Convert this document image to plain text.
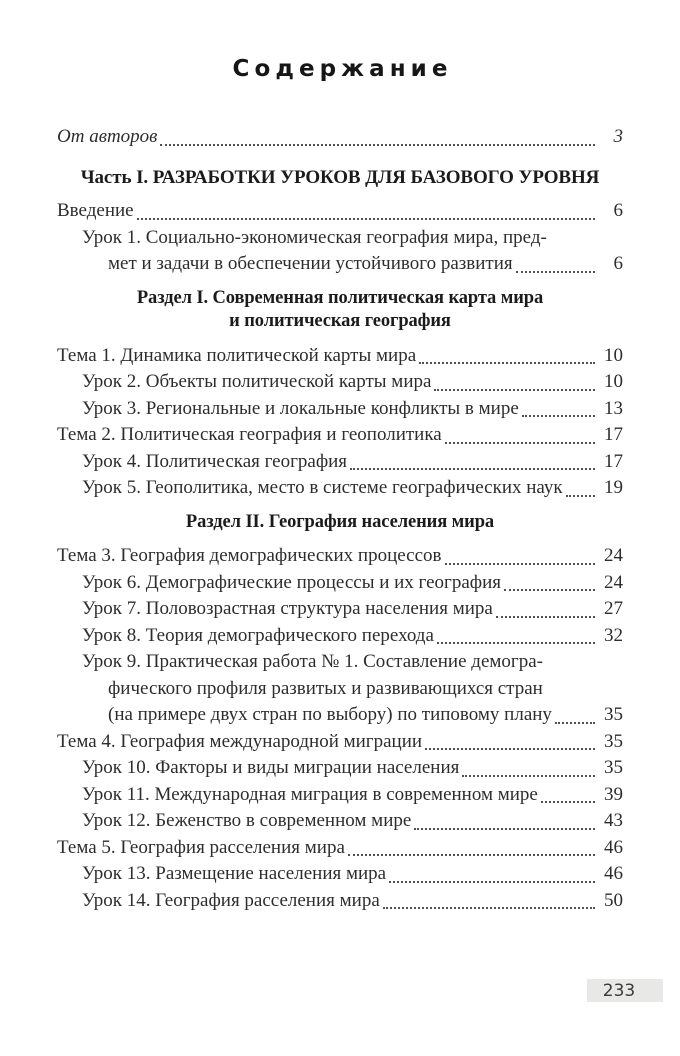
Содержание
От авторов	3
Часть I. РАЗРАБОТКИ УРОКОВ ДЛЯ БАЗОВОГО УРОВНЯ
Введение	6
Урок 1. Социально-экономическая география мира, пред-
мет и задачи в обеспечении устойчивого развития	6
Раздел I. Современная политическая карта мира
и политическая география
Тема 1. Динамика политической карты мира	10
Урок 2. Объекты политической карты мира	10
Урок 3. Региональные и локальные конфликты в мире	13
Тема 2. Политическая география и геополитика	17
Урок 4. Политическая география	17
Урок 5. Геополитика, место в системе географических наук 19
Раздел II. География населения мира
Тема 3. География демографических процессов	24
Урок 6. Демографические процессы и их география	24
Урок 7. Половозрастная структура населения мира	27
Урок 8. Теория демографического перехода	32
Урок 9. Практическая работа № 1. Составление демогра-
фического профиля развитых и развивающихся стран
(на примере двух стран по выбору) по типовому плану	35
Тема 4. География международной миграции	35
Урок 10. Факторы и виды миграции населения	35
Урок 11. Международная миграция в современном мире	39
Урок 12. Беженство в современном мире	43
Тема 5. География расселения мира	46
Урок 13. Размещение населения мира	46
Урок 14. География расселения мира	50
233
